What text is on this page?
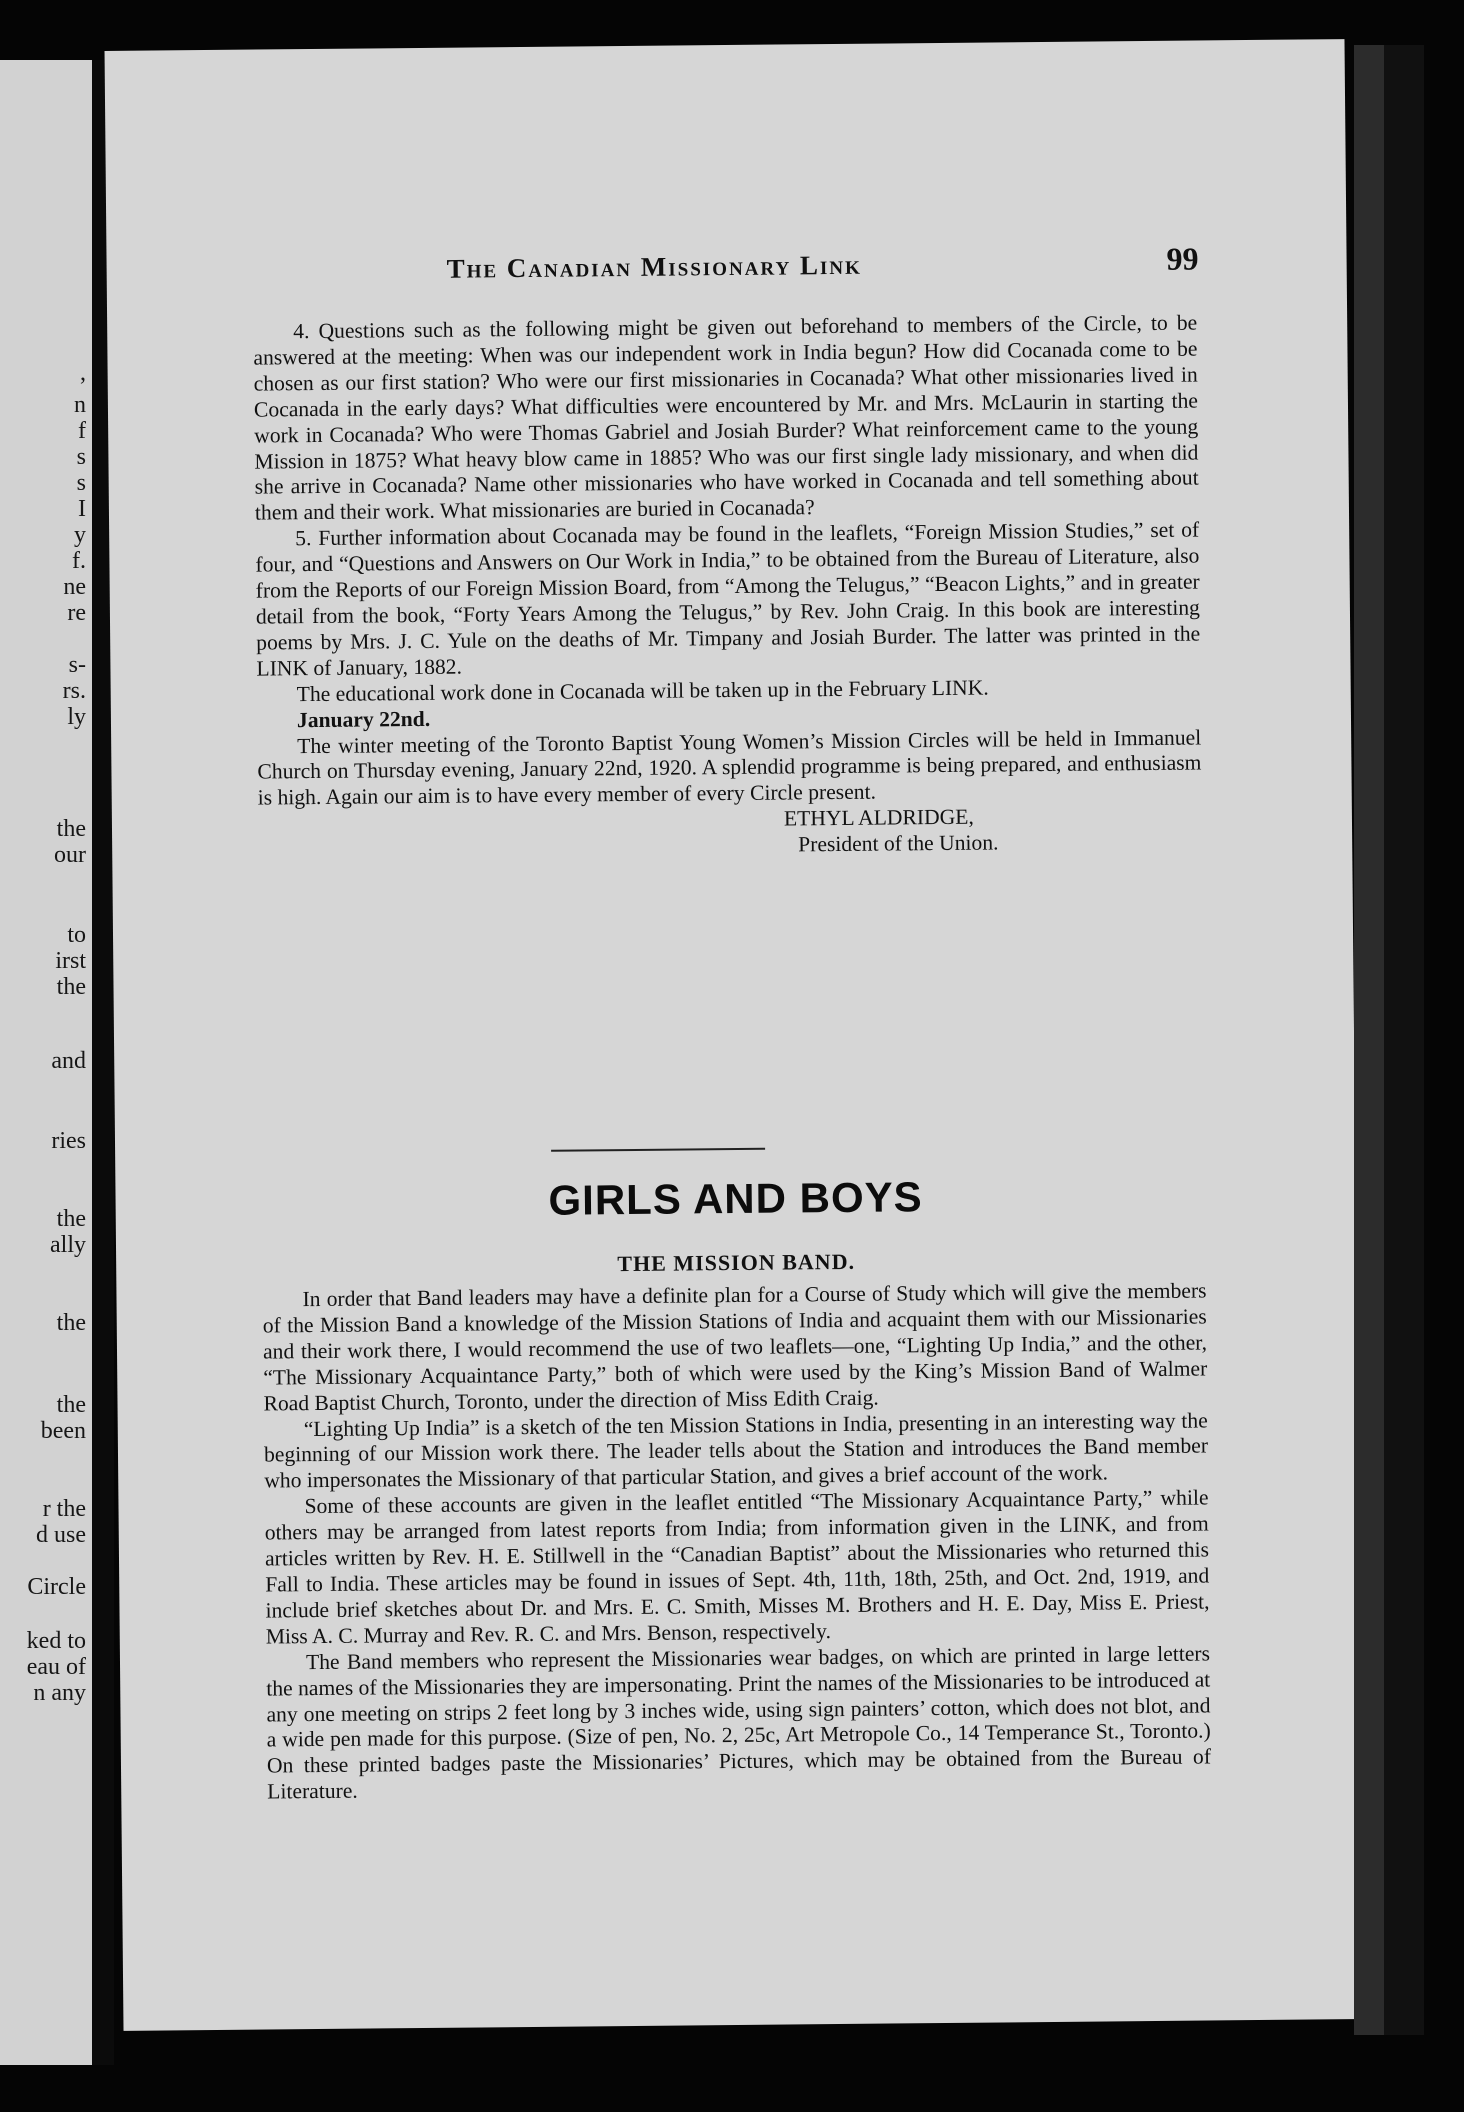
,
n
f
s
s
I
y
f.
ne
re
s-
rs.
ly
the
our
to
irst
the
and
ries
the
ally
the
the
been
r the
d use
Circle
ked to
eau of
n any
The Canadian Missionary Link	99

4. Questions such as the following might be given out beforehand to members of the Circle, to be answered at the meeting: When was our independent work in India begun? How did Cocanada come to be chosen as our first station? Who were our first missionaries in Cocanada? What other missionaries lived in Cocanada in the early days? What difficulties were encountered by Mr. and Mrs. McLaurin in starting the work in Cocanada? Who were Thomas Gabriel and Josiah Burder? What reinforcement came to the young Mission in 1875? What heavy blow came in 1885? Who was our first single lady missionary, and when did she arrive in Cocanada? Name other missionaries who have worked in Cocanada and tell something about them and their work. What missionaries are buried in Cocanada?

5. Further information about Cocanada may be found in the leaflets, “Foreign Mission Studies,” set of four, and “Questions and Answers on Our Work in India,” to be obtained from the Bureau of Literature, also from the Reports of our Foreign Mission Board, from “Among the Telugus,” “Beacon Lights,” and in greater detail from the book, “Forty Years Among the Telugus,” by Rev. John Craig. In this book are interesting poems by Mrs. J. C. Yule on the deaths of Mr. Timpany and Josiah Burder. The latter was printed in the LINK of January, 1882.

The educational work done in Cocanada will be taken up in the February LINK.

January 22nd.

The winter meeting of the Toronto Baptist Young Women’s Mission Circles will be held in Immanuel Church on Thursday evening, January 22nd, 1920. A splendid programme is being prepared, and enthusiasm is high. Again our aim is to have every member of every Circle present.

ETHYL ALDRIDGE,

President of the Union.

GIRLS AND BOYS
THE MISSION BAND.

In order that Band leaders may have a definite plan for a Course of Study which will give the members of the Mission Band a knowledge of the Mission Stations of India and acquaint them with our Missionaries and their work there, I would recommend the use of two leaflets—one, “Lighting Up India,” and the other, “The Missionary Acquaintance Party,” both of which were used by the King’s Mission Band of Walmer Road Baptist Church, Toronto, under the direction of Miss Edith Craig.

“Lighting Up India” is a sketch of the ten Mission Stations in India, presenting in an interesting way the beginning of our Mission work there. The leader tells about the Station and introduces the Band member who impersonates the Missionary of that particular Station, and gives a brief account of the work.

Some of these accounts are given in the leaflet entitled “The Missionary Acquaintance Party,” while others may be arranged from latest reports from India; from information given in the LINK, and from articles written by Rev. H. E. Stillwell in the “Canadian Baptist” about the Missionaries who returned this Fall to India. These articles may be found in issues of Sept. 4th, 11th, 18th, 25th, and Oct. 2nd, 1919, and include brief sketches about Dr. and Mrs. E. C. Smith, Misses M. Brothers and H. E. Day, Miss E. Priest, Miss A. C. Murray and Rev. R. C. and Mrs. Benson, respectively.

The Band members who represent the Missionaries wear badges, on which are printed in large letters the names of the Missionaries they are impersonating. Print the names of the Missionaries to be introduced at any one meeting on strips 2 feet long by 3 inches wide, using sign painters’ cotton, which does not blot, and a wide pen made for this purpose. (Size of pen, No. 2, 25c, Art Metropole Co., 14 Temperance St., Toronto.) On these printed badges paste the Missionaries’ Pictures, which may be obtained from the Bureau of Literature.
